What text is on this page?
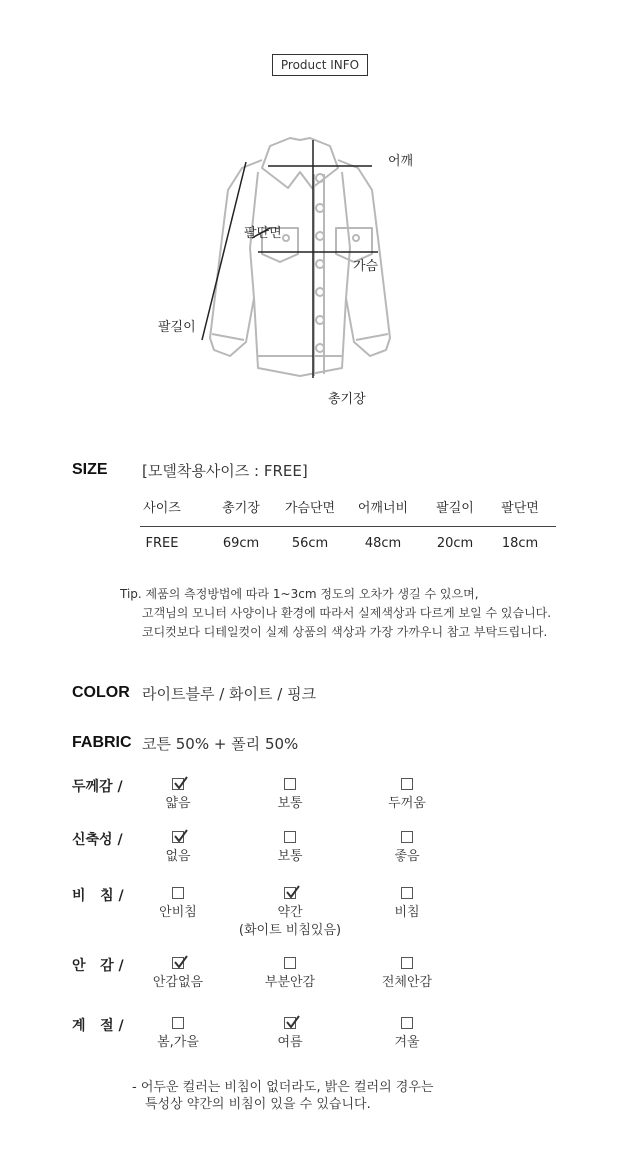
Product INFO
어깨
팔단면
가슴
팔길이
총기장
SIZE [모델착용사이즈 : FREE]
사이즈	총기장	가슴단면	어깨너비	팔길이	팔단면
FREE	69cm	56cm	48cm	20cm	18cm
Tip. 제품의 측정방법에 따라 1~3cm 정도의 오차가 생길 수 있으며,
고객님의 모니터 사양이나 환경에 따라서 실제색상과 다르게 보일 수 있습니다.
코디컷보다 디테일컷이 실제 상품의 색상과 가장 가까우니 참고 부탁드립니다.
COLOR 라이트블루 / 화이트 / 핑크
FABRIC 코튼 50% + 폴리 50%
두께감 /
얇음	보통	두꺼움
신축성 /
없음	보통	좋음
비   침 /
안비침	약간	비침
(화이트 비침있음)
안   감 /
안감없음	부분안감	전체안감
계   절 /
봄,가을	여름	겨울
- 어두운 컬러는 비침이 없더라도, 밝은 컬러의 경우는
특성상 약간의 비침이 있을 수 있습니다.
